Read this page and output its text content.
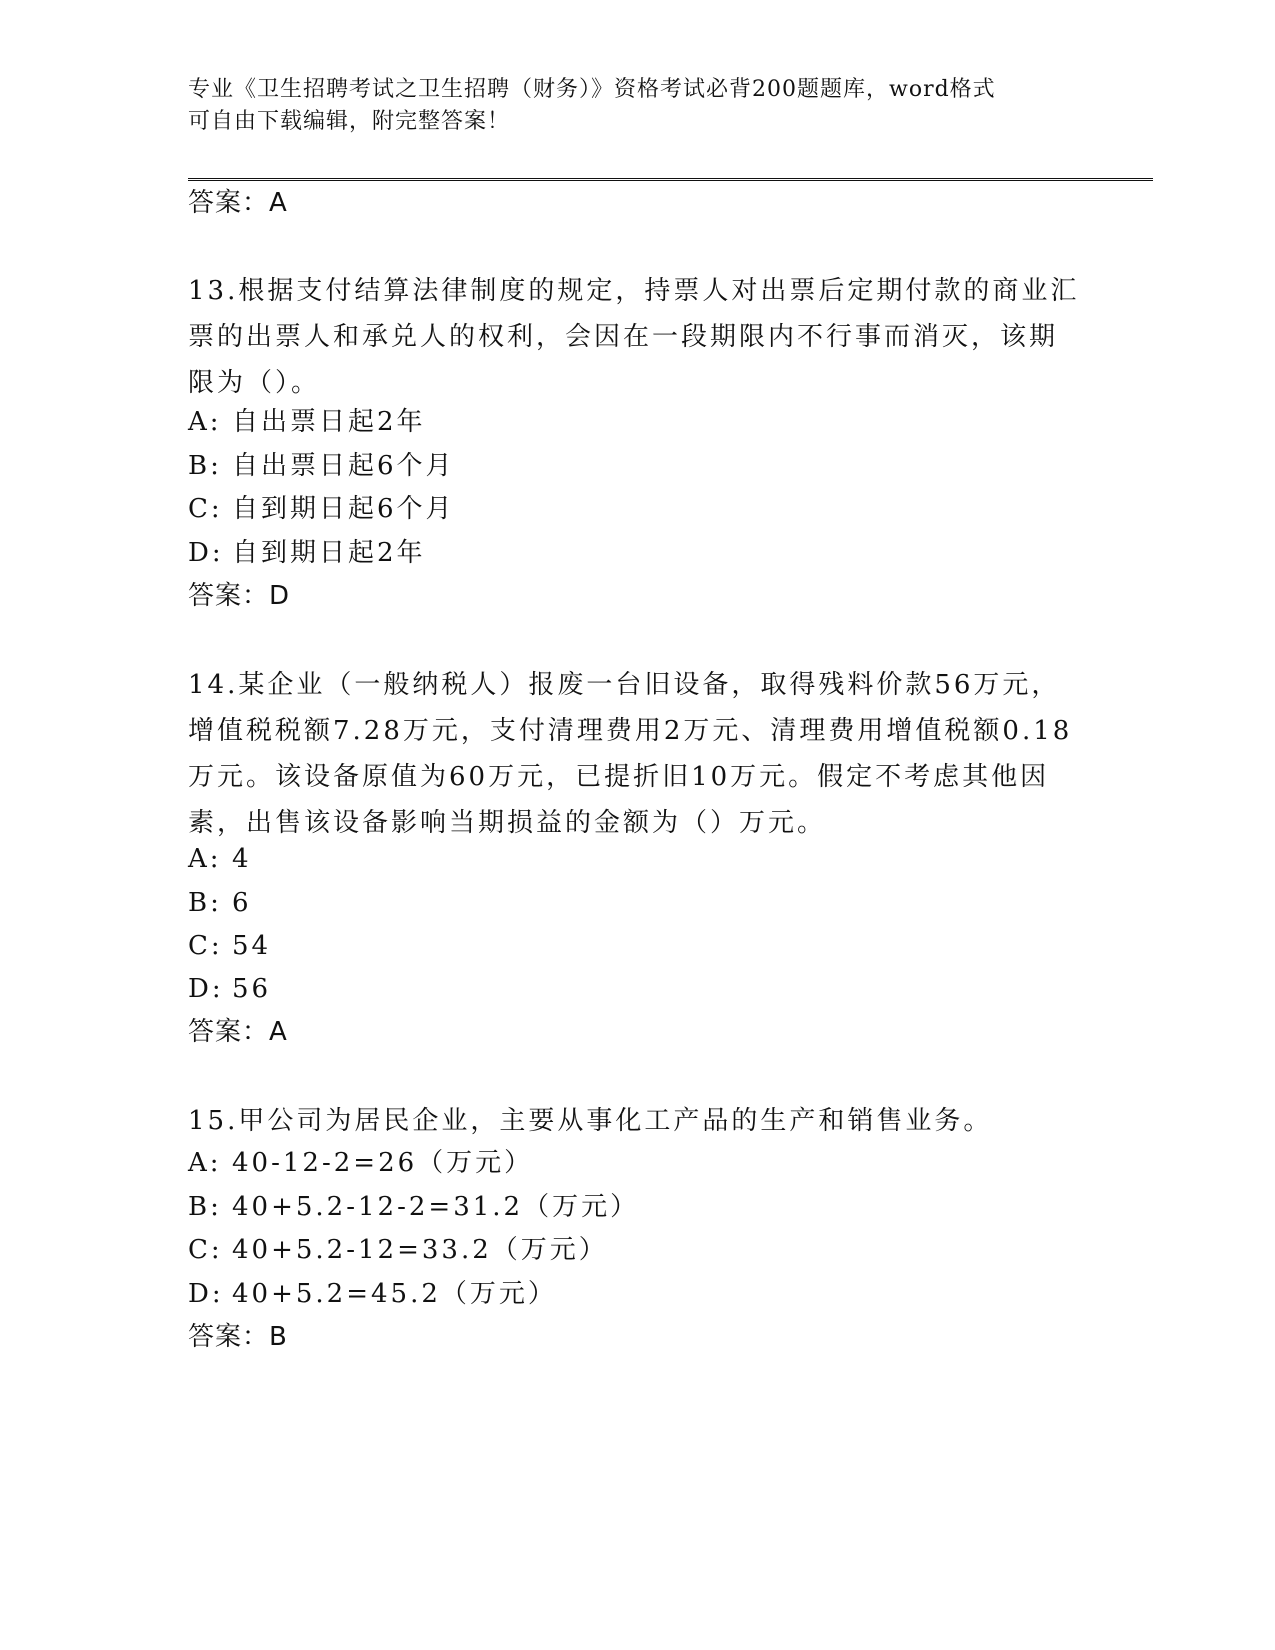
专业《卫生招聘考试之卫生招聘（财务）》资格考试必背200题题库，word格式
可自由下载编辑，附完整答案！
答案：A
13.根据支付结算法律制度的规定，持票人对出票后定期付款的商业汇
票的出票人和承兑人的权利，会因在一段期限内不行事而消灭，该期
限为（）。
A: 自出票日起2年
B: 自出票日起6个月
C: 自到期日起6个月
D: 自到期日起2年
答案：D
14.某企业（一般纳税人）报废一台旧设备，取得残料价款56万元，
增值税税额7.28万元，支付清理费用2万元、清理费用增值税额0.18
万元。该设备原值为60万元，已提折旧10万元。假定不考虑其他因
素，出售该设备影响当期损益的金额为（）万元。
A: 4
B: 6
C: 54
D: 56
答案：A
15.甲公司为居民企业，主要从事化工产品的生产和销售业务。
A: 40-12-2=26（万元）
B: 40+5.2-12-2=31.2（万元）
C: 40+5.2-12=33.2（万元）
D: 40+5.2=45.2（万元）
答案：B
